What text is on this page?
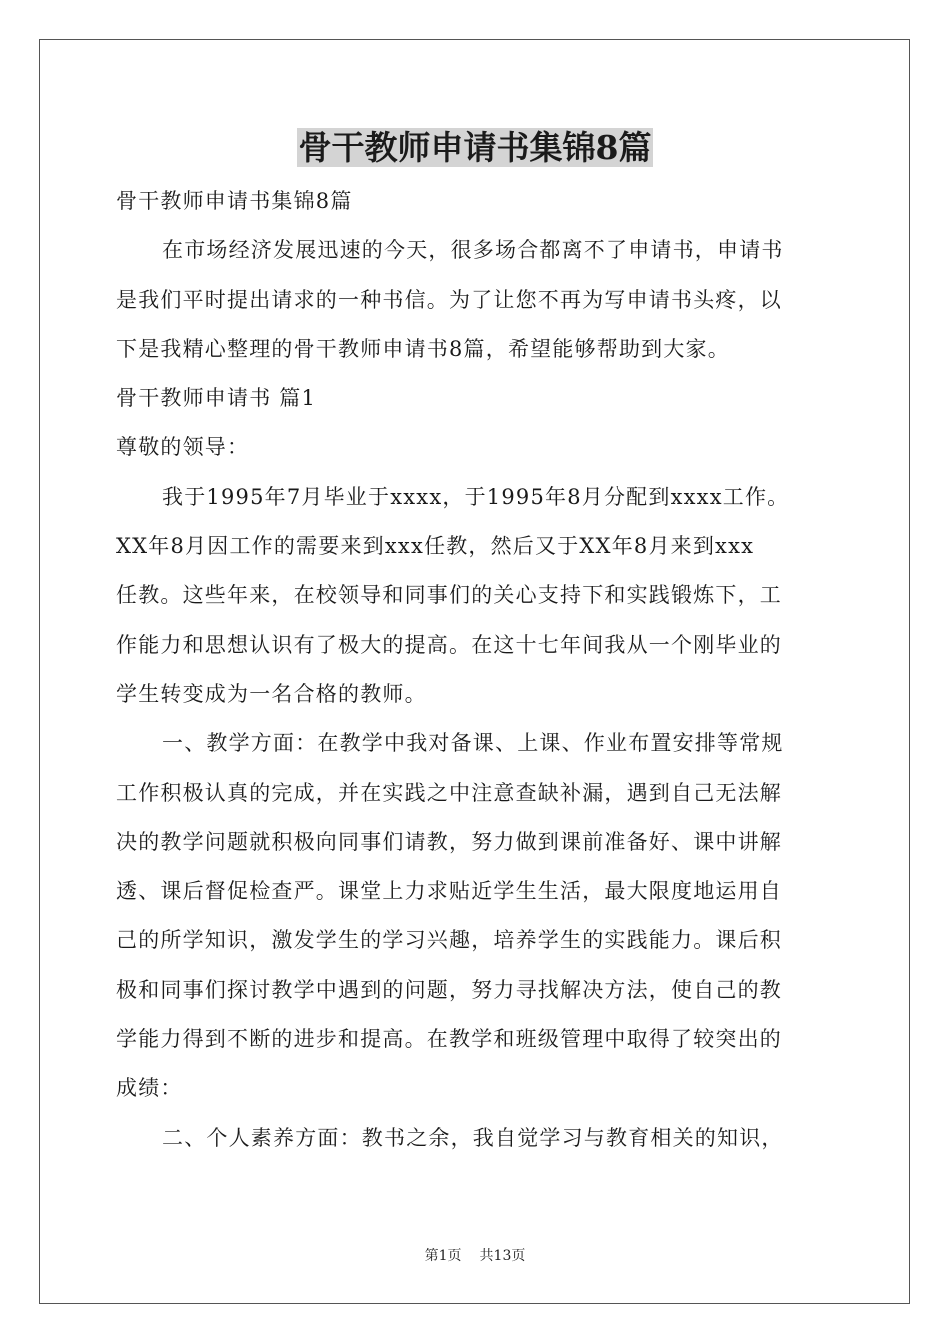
骨干教师申请书集锦8篇
骨干教师申请书集锦8篇
在市场经济发展迅速的今天，很多场合都离不了申请书，申请书
是我们平时提出请求的一种书信。为了让您不再为写申请书头疼，以
下是我精心整理的骨干教师申请书8篇，希望能够帮助到大家。
骨干教师申请书 篇1
尊敬的领导：
我于1995年7月毕业于xxxx，于1995年8月分配到xxxx工作。
XX年8月因工作的需要来到xxx任教，然后又于XX年8月来到xxx
任教。这些年来，在校领导和同事们的关心支持下和实践锻炼下，工
作能力和思想认识有了极大的提高。在这十七年间我从一个刚毕业的
学生转变成为一名合格的教师。
一、教学方面：在教学中我对备课、上课、作业布置安排等常规
工作积极认真的完成，并在实践之中注意查缺补漏，遇到自己无法解
决的教学问题就积极向同事们请教，努力做到课前准备好、课中讲解
透、课后督促检查严。课堂上力求贴近学生生活，最大限度地运用自
己的所学知识，激发学生的学习兴趣，培养学生的实践能力。课后积
极和同事们探讨教学中遇到的问题，努力寻找解决方法，使自己的教
学能力得到不断的进步和提高。在教学和班级管理中取得了较突出的
成绩：
二、个人素养方面：教书之余，我自觉学习与教育相关的知识，
第1页 共13页
